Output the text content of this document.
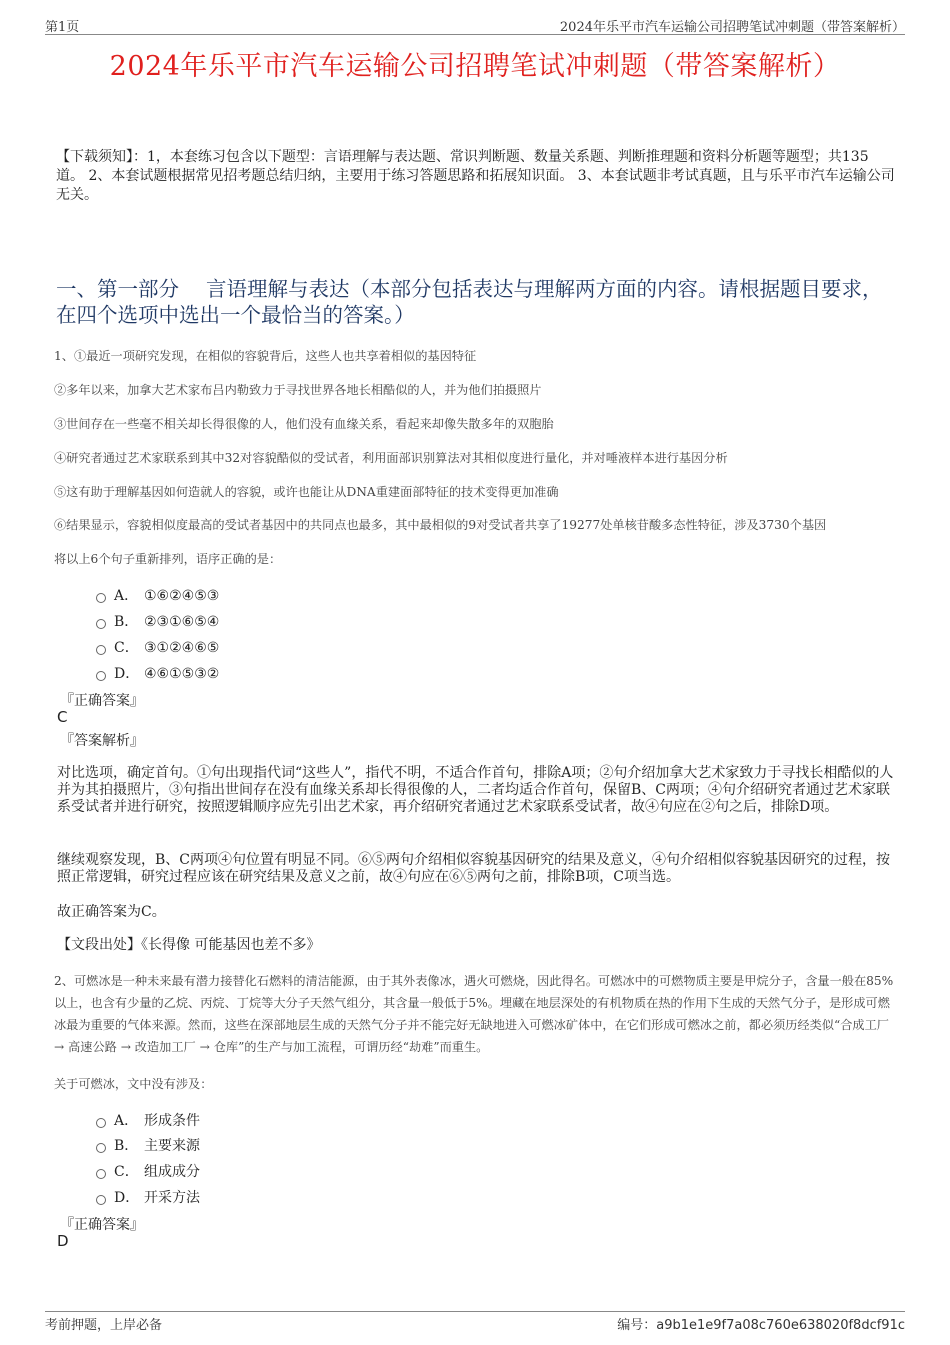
第1页	2024年乐平市汽车运输公司招聘笔试冲刺题（带答案解析）
2024年乐平市汽车运输公司招聘笔试冲刺题（带答案解析）
【下载须知】：1，本套练习包含以下题型：言语理解与表达题、常识判断题、数量关系题、判断推理题和资料分析题等题型；共135道。 2、本套试题根据常见招考题总结归纳，主要用于练习答题思路和拓展知识面。 3、本套试题非考试真题，且与乐平市汽车运输公司无关。
一、第一部分　 言语理解与表达（本部分包括表达与理解两方面的内容。请根据题目要求，在四个选项中选出一个最恰当的答案。）
1、①最近一项研究发现，在相似的容貌背后，这些人也共享着相似的基因特征
②多年以来，加拿大艺术家布吕内勒致力于寻找世界各地长相酷似的人，并为他们拍摄照片
③世间存在一些毫不相关却长得很像的人，他们没有血缘关系，看起来却像失散多年的双胞胎
④研究者通过艺术家联系到其中32对容貌酷似的受试者，利用面部识别算法对其相似度进行量化，并对唾液样本进行基因分析
⑤这有助于理解基因如何造就人的容貌，或许也能让从DNA重建面部特征的技术变得更加准确
⑥结果显示，容貌相似度最高的受试者基因中的共同点也最多，其中最相似的9对受试者共享了19277处单核苷酸多态性特征，涉及3730个基因
将以上6个句子重新排列，语序正确的是：
A． ①⑥②④⑤③
B． ②③①⑥⑤④
C． ③①②④⑥⑤
D． ④⑥①⑤③②
『正确答案』
C
『答案解析』
对比选项，确定首句。①句出现指代词“这些人”，指代不明，不适合作首句，排除A项；②句介绍加拿大艺术家致力于寻找长相酷似的人并为其拍摄照片，③句指出世间存在没有血缘关系却长得很像的人，二者均适合作首句，保留B、C两项；④句介绍研究者通过艺术家联系受试者并进行研究，按照逻辑顺序应先引出艺术家，再介绍研究者通过艺术家联系受试者，故④句应在②句之后，排除D项。
继续观察发现，B、C两项④句位置有明显不同。⑥⑤两句介绍相似容貌基因研究的结果及意义，④句介绍相似容貌基因研究的过程，按照正常逻辑，研究过程应该在研究结果及意义之前，故④句应在⑥⑤两句之前，排除B项，C项当选。
故正确答案为C。
【文段出处】《长得像 可能基因也差不多》
2、可燃冰是一种未来最有潜力接替化石燃料的清洁能源，由于其外表像冰，遇火可燃烧，因此得名。可燃冰中的可燃物质主要是甲烷分子，含量一般在85%以上，也含有少量的乙烷、丙烷、丁烷等大分子天然气组分，其含量一般低于5%。埋藏在地层深处的有机物质在热的作用下生成的天然气分子，是形成可燃冰最为重要的气体来源。然而，这些在深部地层生成的天然气分子并不能完好无缺地进入可燃冰矿体中，在它们形成可燃冰之前，都必须历经类似“合成工厂 → 高速公路 → 改造加工厂 → 仓库”的生产与加工流程，可谓历经“劫难”而重生。
关于可燃冰，文中没有涉及：
A． 形成条件
B． 主要来源
C． 组成成分
D． 开采方法
『正确答案』
D
考前押题，上岸必备	编号：a9b1e1e9f7a08c760e638020f8dcf91c
